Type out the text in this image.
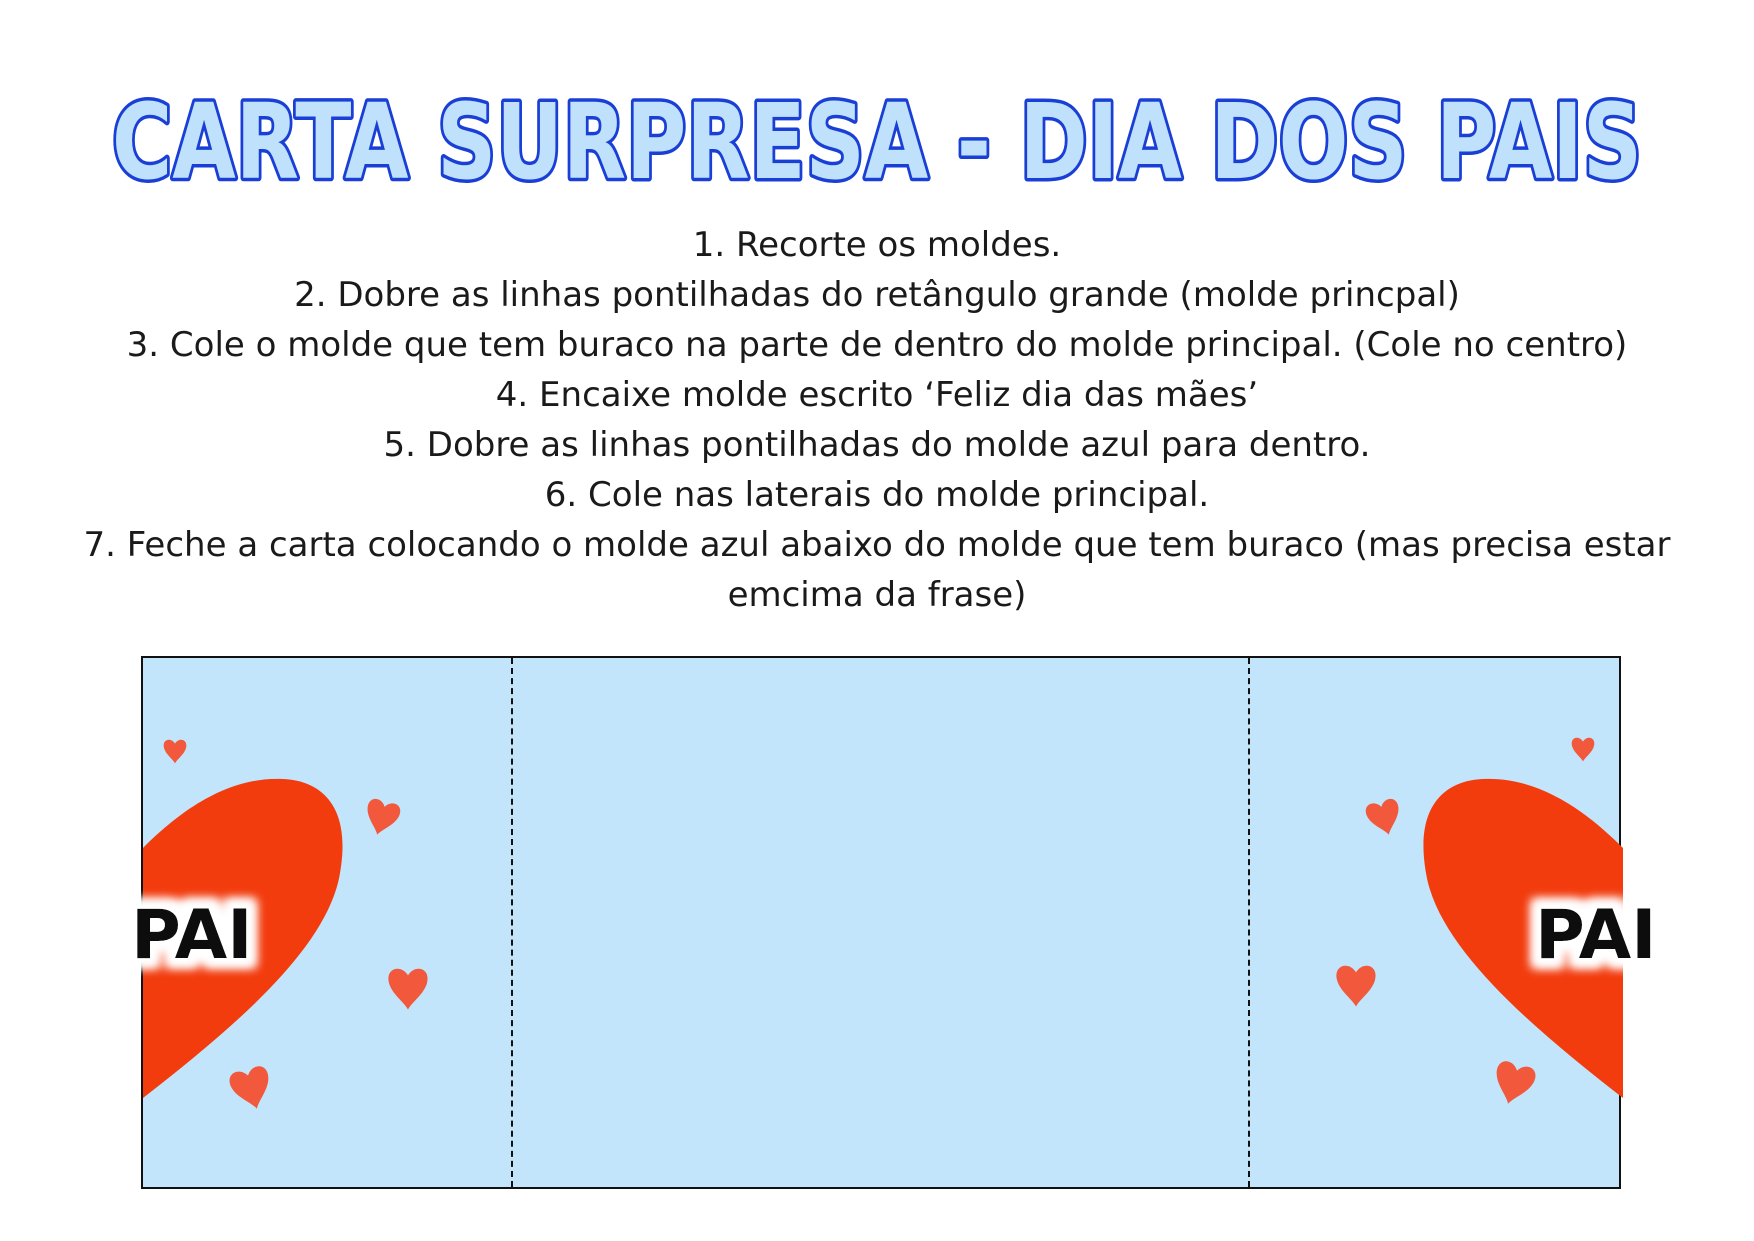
CARTA SURPRESA - DIA DOS PAIS
1. Recorte os moldes.
2. Dobre as linhas pontilhadas do retângulo grande (molde princpal)
3. Cole o molde que tem buraco na parte de dentro do molde principal. (Cole no centro)
4. Encaixe molde escrito ‘Feliz dia das mães’
5. Dobre as linhas pontilhadas do molde azul para dentro.
6. Cole nas laterais do molde principal.
7. Feche a carta colocando o molde azul abaixo do molde que tem buraco (mas precisa estar emcima da frase)
PAI	PAI
